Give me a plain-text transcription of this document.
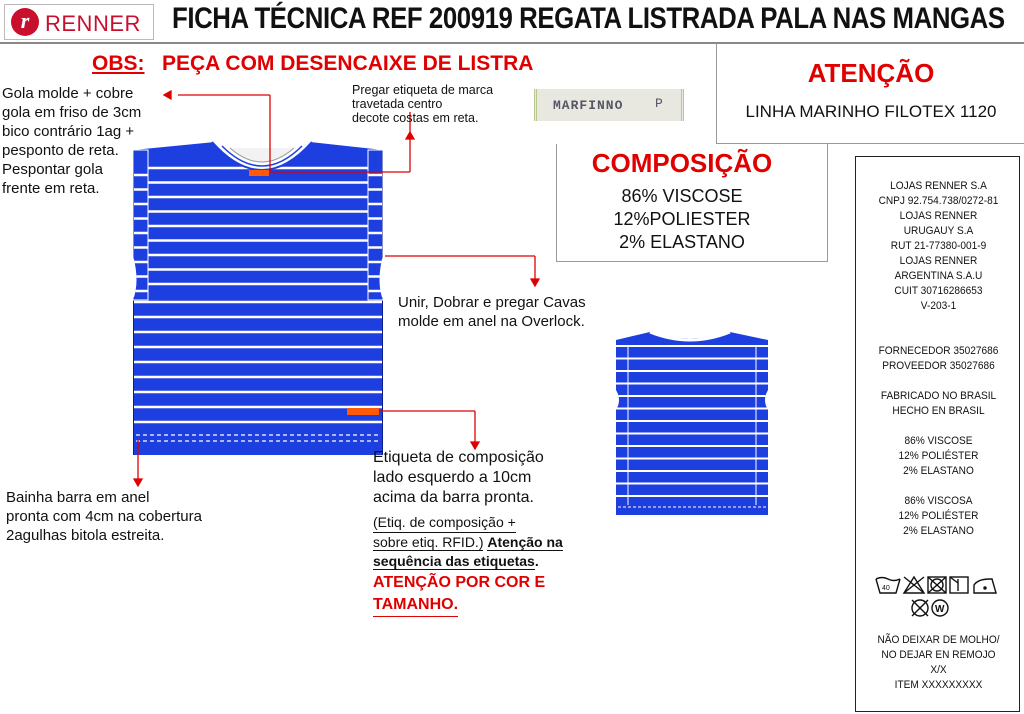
r RENNER FICHA TÉCNICA REF 200919 REGATA LISTRADA PALA NAS MANGAS
OBS: PEÇA COM DESENCAIXE DE LISTRA	ATENÇÃO
LINHA MARINHO FILOTEX 1120
COMPOSIÇÃO
86% VISCOSE
12%POLIESTER
2% ELASTANO
MARFINNO P
Gola molde + cobre
gola em friso de 3cm
bico contrário 1ag +
pesponto de reta.
Pespontar gola
frente em reta.
Pregar etiqueta de marca
travetada centro
decote costas em reta.
Unir, Dobrar e pregar Cavas
molde em anel na Overlock.
Bainha barra em anel
pronta com 4cm na cobertura
2agulhas bitola estreita.
Etiqueta de composição
lado esquerdo a 10cm
acima da barra pronta.
(Etiq. de composição +
sobre etiq. RFID.) Atenção na
sequência das etiquetas.
ATENÇÃO POR COR E
TAMANHO.
LOJAS RENNER S.A
CNPJ 92.754.738/0272-81
LOJAS RENNER
URUGAUY S.A
RUT 21-77380-001-9
LOJAS RENNER
ARGENTINA S.A.U
CUIT 30716286653
V-203-1
FORNECEDOR 35027686
PROVEEDOR 35027686
FABRICADO NO BRASIL
HECHO EN BRASIL
86% VISCOSE
12% POLIÉSTER
2% ELASTANO
86% VISCOSA
12% POLIÉSTER
2% ELASTANO
40
W
NÃO DEIXAR DE MOLHO/
NO DEJAR EN REMOJO
X/X
ITEM XXXXXXXXX
